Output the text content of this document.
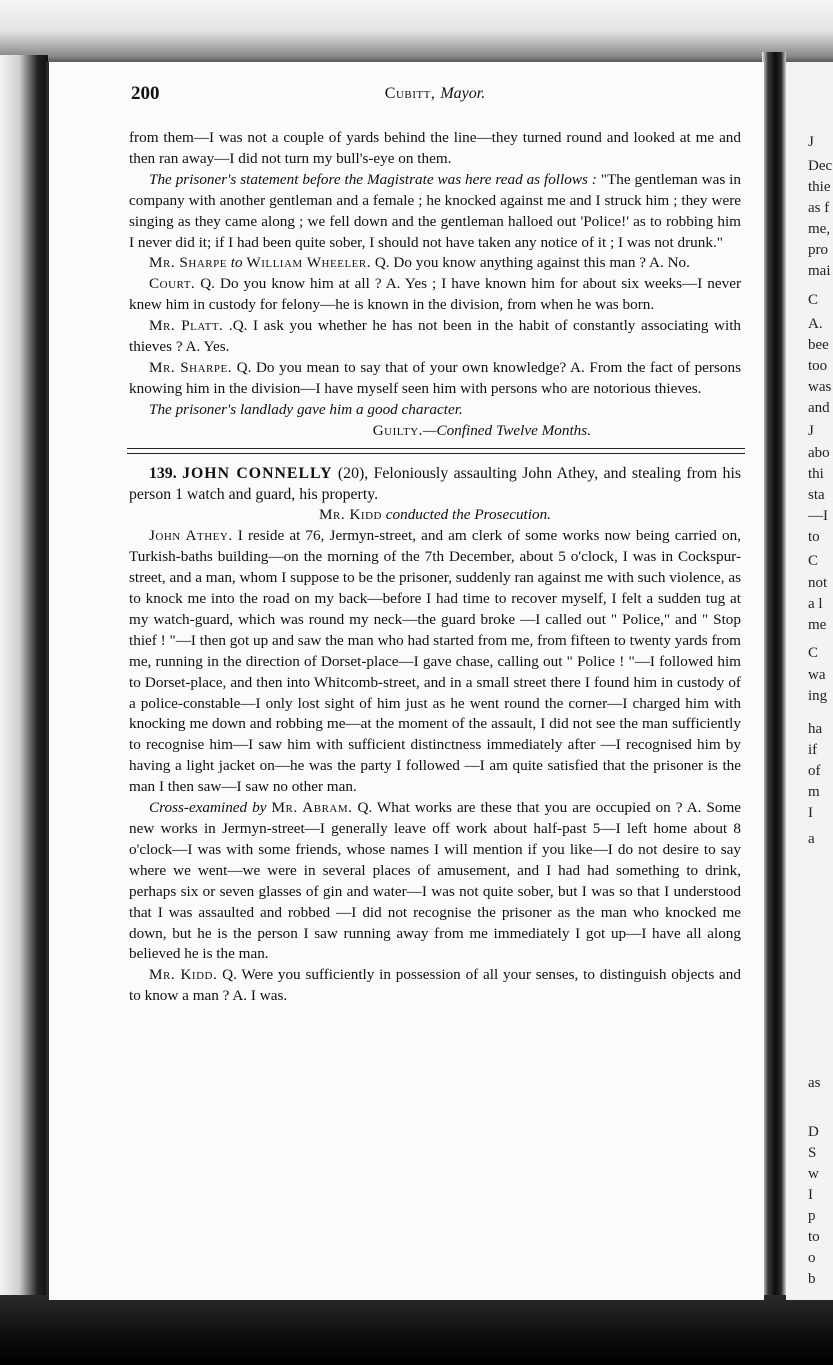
200	Cubitt, Mayor.

from them—I was not a couple of yards behind the line—they turned round and looked at me and then ran away—I did not turn my bull's-eye on them.

The prisoner's statement before the Magistrate was here read as follows : "The gentleman was in company with another gentleman and a female ; he knocked against me and I struck him ; they were singing as they came along ; we fell down and the gentleman halloed out 'Police!' as to robbing him I never did it; if I had been quite sober, I should not have taken any notice of it ; I was not drunk."

Mr. Sharpe to William Wheeler. Q. Do you know anything against this man ? A. No.

Court. Q. Do you know him at all ? A. Yes ; I have known him for about six weeks—I never knew him in custody for felony—he is known in the division, from when he was born.

Mr. Platt. .Q. I ask you whether he has not been in the habit of constantly associating with thieves ? A. Yes.

Mr. Sharpe. Q. Do you mean to say that of your own knowledge? A. From the fact of persons knowing him in the division—I have myself seen him with persons who are notorious thieves.

The prisoner's landlady gave him a good character.

Guilty.—Confined Twelve Months.

139. JOHN CONNELLY (20), Feloniously assaulting John Athey, and stealing from his person 1 watch and guard, his property.

Mr. Kidd conducted the Prosecution.

John Athey. I reside at 76, Jermyn-street, and am clerk of some works now being carried on, Turkish-baths building—on the morning of the 7th December, about 5 o'clock, I was in Cockspur-street, and a man, whom I suppose to be the prisoner, suddenly ran against me with such violence, as to knock me into the road on my back—before I had time to recover myself, I felt a sudden tug at my watch-guard, which was round my neck—the guard broke —I called out " Police," and " Stop thief ! "—I then got up and saw the man who had started from me, from fifteen to twenty yards from me, running in the direction of Dorset-place—I gave chase, calling out " Police ! "—I followed him to Dorset-place, and then into Whitcomb-street, and in a small street there I found him in custody of a police-constable—I only lost sight of him just as he went round the corner—I charged him with knocking me down and robbing me—at the moment of the assault, I did not see the man sufficiently to recognise him—I saw him with sufficient distinctness immediately after —I recognised him by having a light jacket on—he was the party I followed —I am quite satisfied that the prisoner is the man I then saw—I saw no other man.

Cross-examined by Mr. Abram. Q. What works are these that you are occupied on ? A. Some new works in Jermyn-street—I generally leave off work about half-past 5—I left home about 8 o'clock—I was with some friends, whose names I will mention if you like—I do not desire to say where we went—we were in several places of amusement, and I had had something to drink, perhaps six or seven glasses of gin and water—I was not quite sober, but I was so that I understood that I was assaulted and robbed —I did not recognise the prisoner as the man who knocked me down, but he is the person I saw running away from me immediately I got up—I have all along believed he is the man.

Mr. Kidd. Q. Were you sufficiently in possession of all your senses, to distinguish objects and to know a man ? A. I was.

J
Dec
thie
as f
me,
pro
mai
C
A.
bee
too
was
and
J
abo
thi
sta
—I
to
C
not
a l
me
C
wa
ing
ha
if
of
m
I
a
as
D
S
w
I
p
to
o
b
